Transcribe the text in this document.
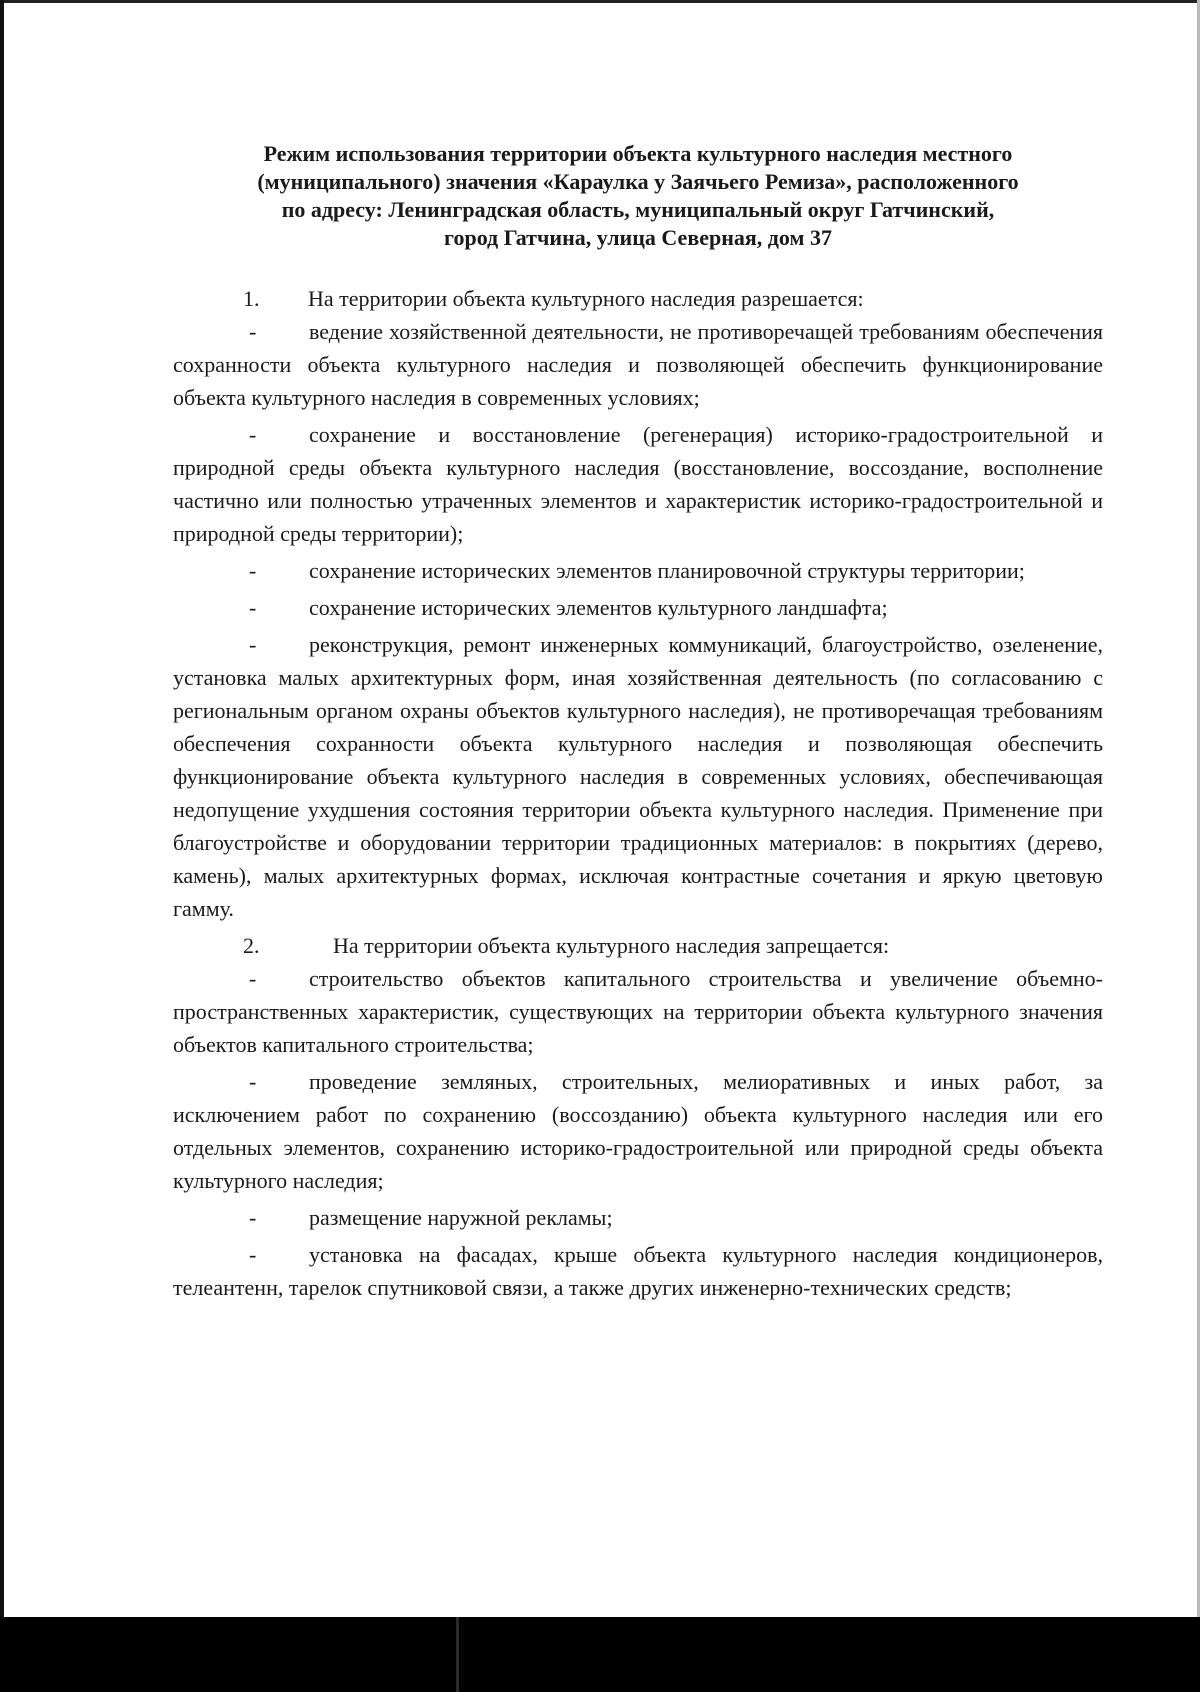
Режим использования территории объекта культурного наследия местного
(муниципального) значения «Караулка у Заячьего Ремиза», расположенного
по адресу: Ленинградская область, муниципальный округ Гатчинский,
город Гатчина, улица Северная, дом 37

1. На территории объекта культурного наследия разрешается:

- ведение хозяйственной деятельности, не противоречащей требованиям обеспечения сохранности объекта культурного наследия и позволяющей обеспечить функционирование объекта культурного наследия в современных условиях;

- сохранение и восстановление (регенерация) историко-градостроительной и природной среды объекта культурного наследия (восстановление, воссоздание, восполнение частично или полностью утраченных элементов и характеристик историко-градостроительной и природной среды территории);

- сохранение исторических элементов планировочной структуры территории;

- сохранение исторических элементов культурного ландшафта;

- реконструкция, ремонт инженерных коммуникаций, благоустройство, озеленение, установка малых архитектурных форм, иная хозяйственная деятельность (по согласованию с региональным органом охраны объектов культурного наследия), не противоречащая требованиям обеспечения сохранности объекта культурного наследия и позволяющая обеспечить функционирование объекта культурного наследия в современных условиях, обеспечивающая недопущение ухудшения состояния территории объекта культурного наследия. Применение при благоустройстве и оборудовании территории традиционных материалов: в покрытиях (дерево, камень), малых архитектурных формах, исключая контрастные сочетания и яркую цветовую гамму.

2.	На территории объекта культурного наследия запрещается:

- строительство объектов капитального строительства и увеличение объемно-пространственных характеристик, существующих на территории объекта культурного значения объектов капитального строительства;

- проведение земляных, строительных, мелиоративных и иных работ, за исключением работ по сохранению (воссозданию) объекта культурного наследия или его отдельных элементов, сохранению историко-градостроительной или природной среды объекта культурного наследия;

- размещение наружной рекламы;

- установка на фасадах, крыше объекта культурного наследия кондиционеров, телеантенн, тарелок спутниковой связи, а также других инженерно-технических средств;
